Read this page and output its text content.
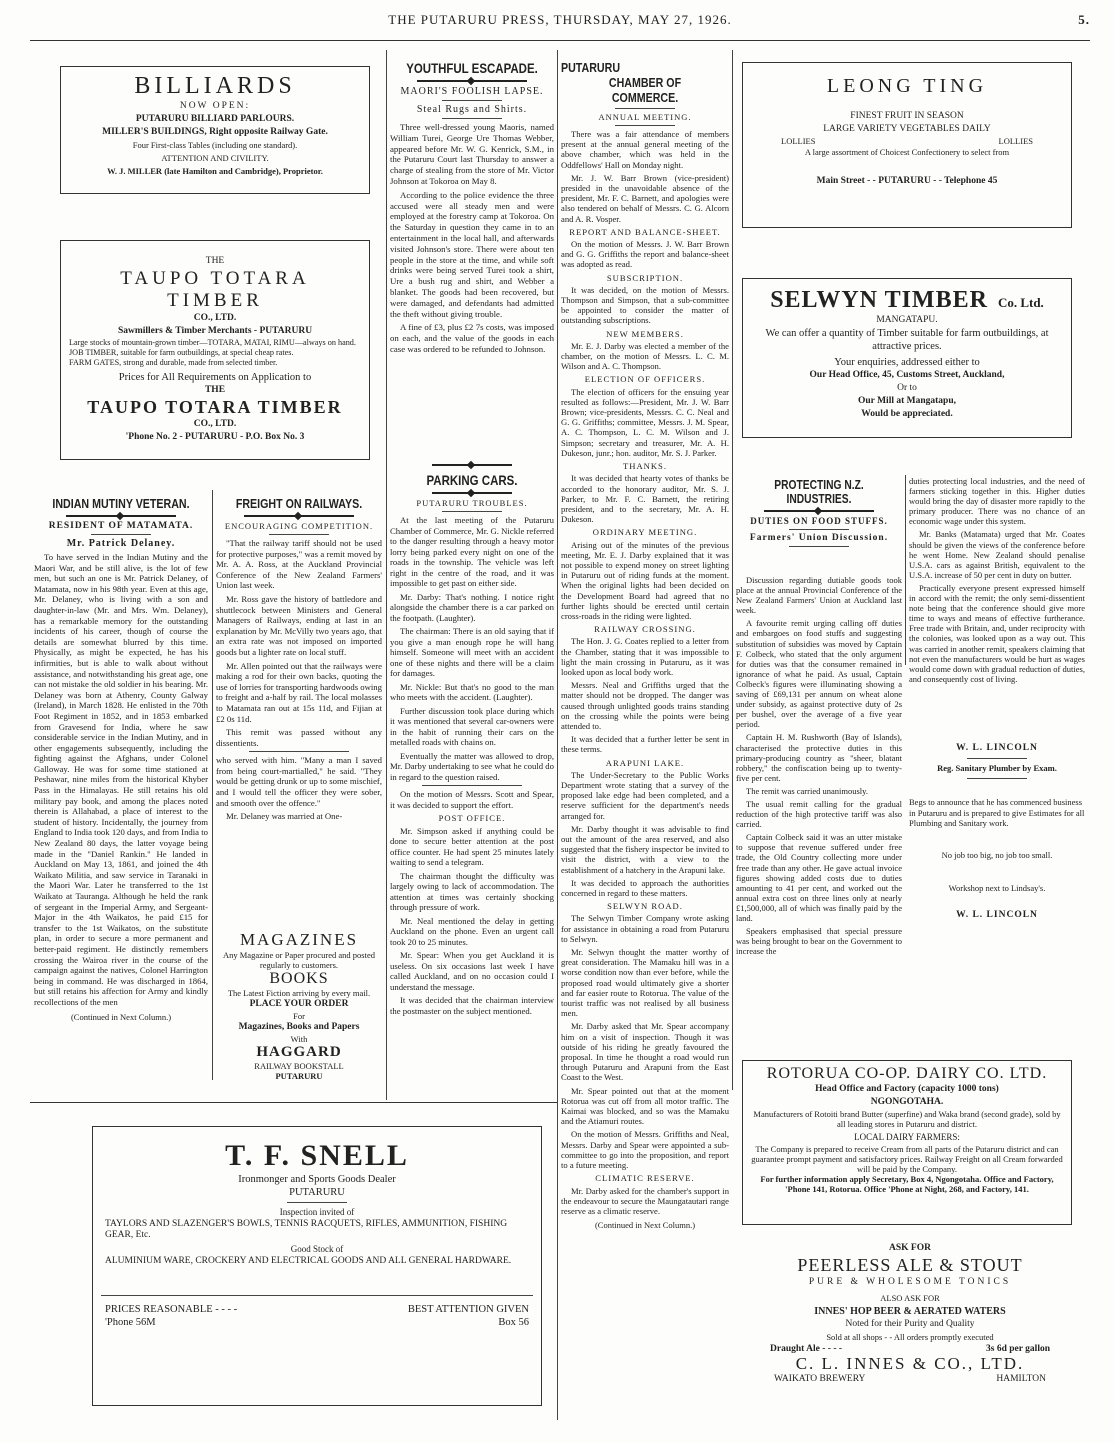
THE PUTARURU PRESS, THURSDAY, MAY 27, 1926.	5.
BILLIARDS
NOW OPEN:
PUTARURU BILLIARD PARLOURS.
MILLER'S BUILDINGS, Right opposite Railway Gate.
Four First-class Tables (including one standard).
ATTENTION AND CIVILITY.
W. J. MILLER (late Hamilton and Cambridge), Proprietor.
THE
TAUPO TOTARA TIMBER
CO., LTD.
Sawmillers & Timber Merchants - PUTARURU
Large stocks of mountain-grown timber—TOTARA, MATAI, RIMU—always on hand.
JOB TIMBER, suitable for farm outbuildings, at special cheap rates.
FARM GATES, strong and durable, made from selected timber.
Prices for All Requirements on Application to
THE
TAUPO TOTARA TIMBER
CO., LTD.
'Phone No. 2 - PUTARURU - P.O. Box No. 3
INDIAN MUTINY VETERAN.
RESIDENT OF MATAMATA.
Mr. Patrick Delaney.

To have served in the Indian Mutiny and the Maori War, and be still alive, is the lot of few men, but such an one is Mr. Patrick Delaney, of Matamata, now in his 98th year. Even at this age, Mr. Delaney, who is living with a son and daughter-in-law (Mr. and Mrs. Wm. Delaney), has a remarkable memory for the outstanding incidents of his career, though of course the details are somewhat blurred by this time. Physically, as might be expected, he has his infirmities, but is able to walk about without assistance, and notwithstanding his great age, one can not mistake the old soldier in his bearing. Mr. Delaney was born at Athenry, County Galway (Ireland), in March 1828. He enlisted in the 70th Foot Regiment in 1852, and in 1853 embarked from Gravesend for India, where he saw considerable service in the Indian Mutiny, and in other engagements subsequently, including the fighting against the Afghans, under Colonel Galloway. He was for some time stationed at Peshawar, nine miles from the historical Khyber Pass in the Himalayas. He still retains his old military pay book, and among the places noted therein is Allahabad, a place of interest to the student of history. Incidentally, the journey from England to India took 120 days, and from India to New Zealand 80 days, the latter voyage being made in the "Daniel Rankin." He landed in Auckland on May 13, 1861, and joined the 4th Waikato Militia, and saw service in Taranaki in the Maori War. Later he transferred to the 1st Waikato at Tauranga. Although he held the rank of sergeant in the Imperial Army, and Sergeant-Major in the 4th Waikatos, he paid £15 for transfer to the 1st Waikatos, on the substitute plan, in order to secure a more permanent and better-paid regiment. He distinctly remembers crossing the Wairoa river in the course of the campaign against the natives, Colonel Harrington being in command. He was discharged in 1864, but still retains his affection for Army and kindly recollections of the men

(Continued in Next Column.)
FREIGHT ON RAILWAYS.
ENCOURAGING COMPETITION.

"That the railway tariff should not be used for protective purposes," was a remit moved by Mr. A. A. Ross, at the Auckland Provincial Conference of the New Zealand Farmers' Union last week.

Mr. Ross gave the history of battledore and shuttlecock between Ministers and General Managers of Railways, ending at last in an explanation by Mr. McVilly two years ago, that an extra rate was not imposed on imported goods but a lighter rate on local stuff.

Mr. Allen pointed out that the railways were making a rod for their own backs, quoting the use of lorries for transporting hardwoods owing to freight and a-half by rail. The local molasses to Matamata ran out at 15s 11d, and Fijian at £2 0s 11d.

This remit was passed without any dissentients.

who served with him. "Many a man I saved from being court-martialled," he said. "They would be getting drunk or up to some mischief, and I would tell the officer they were sober, and smooth over the offence."

Mr. Delaney was married at One-

MAGAZINES
Any Magazine or Paper procured and posted regularly to customers.
BOOKS
The Latest Fiction arriving by every mail.
PLACE YOUR ORDER
For
Magazines, Books and Papers
With
HAGGARD
RAILWAY BOOKSTALL
PUTARURU
YOUTHFUL ESCAPADE.
MAORI'S FOOLISH LAPSE.
Steal Rugs and Shirts.

Three well-dressed young Maoris, named William Turei, George Ure Thomas Webber, appeared before Mr. W. G. Kenrick, S.M., in the Putaruru Court last Thursday to answer a charge of stealing from the store of Mr. Victor Johnson at Tokoroa on May 8.

According to the police evidence the three accused were all steady men and were employed at the forestry camp at Tokoroa. On the Saturday in question they came in to an entertainment in the local hall, and afterwards visited Johnson's store. There were about ten people in the store at the time, and while soft drinks were being served Turei took a shirt, Ure a bush rug and shirt, and Webber a blanket. The goods had been recovered, but were damaged, and defendants had admitted the theft without giving trouble.

A fine of £3, plus £2 7s costs, was imposed on each, and the value of the goods in each case was ordered to be refunded to Johnson.

PARKING CARS.
PUTARURU TROUBLES.

At the last meeting of the Putaruru Chamber of Commerce, Mr. G. Nickle referred to the danger resulting through a heavy motor lorry being parked every night on one of the roads in the township. The vehicle was left right in the centre of the road, and it was impossible to get past on either side.

Mr. Darby: That's nothing. I notice right alongside the chamber there is a car parked on the footpath. (Laughter).

The chairman: There is an old saying that if you give a man enough rope he will hang himself. Someone will meet with an accident one of these nights and there will be a claim for damages.

Mr. Nickle: But that's no good to the man who meets with the accident. (Laughter).

Further discussion took place during which it was mentioned that several car-owners were in the habit of running their cars on the metalled roads with chains on.

Eventually the matter was allowed to drop, Mr. Darby undertaking to see what he could do in regard to the question raised.

On the motion of Messrs. Scott and Spear, it was decided to support the effort.

POST OFFICE.

Mr. Simpson asked if anything could be done to secure better attention at the post office counter. He had spent 25 minutes lately waiting to send a telegram.

The chairman thought the difficulty was largely owing to lack of accommodation. The attention at times was certainly shocking through pressure of work.

Mr. Neal mentioned the delay in getting Auckland on the phone. Even an urgent call took 20 to 25 minutes.

Mr. Spear: When you get Auckland it is useless. On six occasions last week I have called Auckland, and on no occasion could I understand the message.

It was decided that the chairman interview the postmaster on the subject mentioned.

PUTARURU
CHAMBER OF COMMERCE.
ANNUAL MEETING.

There was a fair attendance of members present at the annual general meeting of the above chamber, which was held in the Oddfellows' Hall on Monday night.

Mr. J. W. Barr Brown (vice-president) presided in the unavoidable absence of the president, Mr. F. C. Barnett, and apologies were also tendered on behalf of Messrs. C. G. Alcorn and A. R. Vosper.

REPORT AND BALANCE-SHEET.

On the motion of Messrs. J. W. Barr Brown and G. G. Griffiths the report and balance-sheet was adopted as read.

SUBSCRIPTION.

It was decided, on the motion of Messrs. Thompson and Simpson, that a sub-committee be appointed to consider the matter of outstanding subscriptions.

NEW MEMBERS.

Mr. E. J. Darby was elected a member of the chamber, on the motion of Messrs. L. C. M. Wilson and A. C. Thompson.

ELECTION OF OFFICERS.

The election of officers for the ensuing year resulted as follows:—President, Mr. J. W. Barr Brown; vice-presidents, Messrs. C. C. Neal and G. G. Griffiths; committee, Messrs. J. M. Spear, A. C. Thompson, L. C. M. Wilson and J. Simpson; secretary and treasurer, Mr. A. H. Dukeson, junr.; hon. auditor, Mr. S. J. Parker.

THANKS.

It was decided that hearty votes of thanks be accorded to the honorary auditor, Mr. S. J. Parker, to Mr. F. C. Barnett, the retiring president, and to the secretary, Mr. A. H. Dukeson.

ORDINARY MEETING.

Arising out of the minutes of the previous meeting, Mr. E. J. Darby explained that it was not possible to expend money on street lighting in Putaruru out of riding funds at the moment. When the original lights had been decided on the Development Board had agreed that no further lights should be erected until certain cross-roads in the riding were lighted.

RAILWAY CROSSING.

The Hon. J. G. Coates replied to a letter from the Chamber, stating that it was impossible to light the main crossing in Putaruru, as it was looked upon as local body work.

Messrs. Neal and Griffiths urged that the matter should not be dropped. The danger was caused through unlighted goods trains standing on the crossing while the points were being attended to.

It was decided that a further letter be sent in these terms.

ARAPUNI LAKE.

The Under-Secretary to the Public Works Department wrote stating that a survey of the proposed lake edge had been completed, and a reserve sufficient for the department's needs arranged for.

Mr. Darby thought it was advisable to find out the amount of the area reserved, and also suggested that the fishery inspector be invited to visit the district, with a view to the establishment of a hatchery in the Arapuni lake.

It was decided to approach the authorities concerned in regard to these matters.

SELWYN ROAD.

The Selwyn Timber Company wrote asking for assistance in obtaining a road from Putaruru to Selwyn.

Mr. Selwyn thought the matter worthy of great consideration. The Mamaku hill was in a worse condition now than ever before, while the proposed road would ultimately give a shorter and far easier route to Rotorua. The value of the tourist traffic was not realised by all business men.

Mr. Darby asked that Mr. Spear accompany him on a visit of inspection. Though it was outside of his riding he greatly favoured the proposal. In time he thought a road would run through Putaruru and Arapuni from the East Coast to the West.

Mr. Spear pointed out that at the moment Rotorua was cut off from all motor traffic. The Kaimai was blocked, and so was the Mamaku and the Atiamuri routes.

On the motion of Messrs. Griffiths and Neal, Messrs. Darby and Spear were appointed a sub-committee to go into the proposition, and report to a future meeting.

CLIMATIC RESERVE.

Mr. Darby asked for the chamber's support in the endeavour to secure the Maungatautari range reserve as a climatic reserve.

(Continued in Next Column.)
LEONG TING
FINEST FRUIT IN SEASON
LARGE VARIETY VEGETABLES DAILY
LOLLIES	LOLLIES
A large assortment of Choicest Confectionery to select from
Main Street - - PUTARURU - - Telephone 45
SELWYN TIMBER Co. Ltd.
MANGATAPU.
We can offer a quantity of Timber suitable for farm outbuildings, at attractive prices.
Your enquiries, addressed either to
Our Head Office, 45, Customs Street, Auckland,
Or to
Our Mill at Mangatapu,
Would be appreciated.
PROTECTING N.Z. INDUSTRIES.
DUTIES ON FOOD STUFFS.
Farmers' Union Discussion.

Discussion regarding dutiable goods took place at the annual Provincial Conference of the New Zealand Farmers' Union at Auckland last week.

A favourite remit urging calling off duties and embargoes on food stuffs and suggesting substitution of subsidies was moved by Captain F. Colbeck, who stated that the only argument for duties was that the consumer remained in ignorance of what he paid. As usual, Captain Colbeck's figures were illuminating showing a saving of £69,131 per annum on wheat alone under subsidy, as against protective duty of 2s per bushel, over the average of a five year period.

Captain H. M. Rushworth (Bay of Islands), characterised the protective duties in this primary-producing country as "sheer, blatant robbery," the confiscation being up to twenty-five per cent.

The remit was carried unanimously.

The usual remit calling for the gradual reduction of the high protective tariff was also carried.

Captain Colbeck said it was an utter mistake to suppose that revenue suffered under free trade, the Old Country collecting more under free trade than any other. He gave actual invoice figures showing added costs due to duties amounting to 41 per cent, and worked out the annual extra cost on three lines only at nearly £1,500,000, all of which was finally paid by the land.

Speakers emphasised that special pressure was being brought to bear on the Government to increase the

duties protecting local industries, and the need of farmers sticking together in this. Higher duties would bring the day of disaster more rapidly to the primary producer. There was no chance of an economic wage under this system.

Mr. Banks (Matamata) urged that Mr. Coates should be given the views of the conference before he went Home. New Zealand should penalise U.S.A. cars as against British, equivalent to the U.S.A. increase of 50 per cent in duty on butter.

Practically everyone present expressed himself in accord with the remit; the only semi-dissentient note being that the conference should give more time to ways and means of effective furtherance. Free trade with Britain, and, under reciprocity with the colonies, was looked upon as a way out. This was carried in another remit, speakers claiming that not even the manufacturers would be hurt as wages would come down with gradual reduction of duties, and consequently cost of living.

W. L. LINCOLN
Reg. Sanitary Plumber by Exam.
Begs to announce that he has commenced business in Putaruru and is prepared to give Estimates for all Plumbing and Sanitary work.
No job too big, no job too small.
Workshop next to Lindsay's.
W. L. LINCOLN
ROTORUA CO-OP. DAIRY CO. LTD.
Head Office and Factory (capacity 1000 tons)
NGONGOTAHA.
Manufacturers of Rotoiti brand Butter (superfine) and Waka brand (second grade), sold by all leading stores in Putaruru and district.
LOCAL DAIRY FARMERS:
The Company is prepared to receive Cream from all parts of the Putaruru district and can guarantee prompt payment and satisfactory prices. Railway Freight on all Cream forwarded will be paid by the Company.
For further information apply Secretary, Box 4, Ngongotaha. Office and Factory, 'Phone 141, Rotorua. Office 'Phone at Night, 268, and Factory, 141.
T. F. SNELL
Ironmonger and Sports Goods Dealer
PUTARURU
Inspection invited of
TAYLORS AND SLAZENGER'S BOWLS, TENNIS RACQUETS, RIFLES, AMMUNITION, FISHING GEAR, Etc.
Good Stock of
ALUMINIUM WARE, CROCKERY AND ELECTRICAL GOODS AND ALL GENERAL HARDWARE.
PRICES REASONABLE - - - -	BEST ATTENTION GIVEN
'Phone 56M	Box 56
ASK FOR
PEERLESS ALE & STOUT
PURE & WHOLESOME TONICS
ALSO ASK FOR
INNES' HOP BEER & AERATED WATERS
Noted for their Purity and Quality
Sold at all shops - - All orders promptly executed
Draught Ale - - - -	3s 6d per gallon
C. L. INNES & CO., LTD.
WAIKATO BREWERY	HAMILTON
